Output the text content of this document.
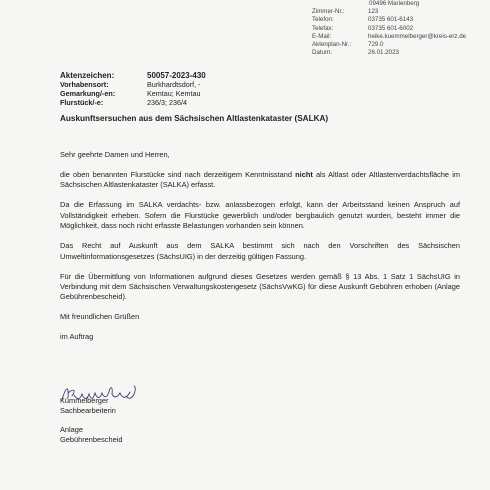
09496 Marienberg
Zimmer-Nr.:	123
Telefon:	03735 601-6143
Telefax:	03735 601-6002
E-Mail:	heike.kuemmelberger@kreis-erz.de
Aktenplan-Nr.:	729.0
Datum:	26.01.2023
Aktenzeichen:	50057-2023-430
Vorhabensort:	Burkhardtsdorf, -
Gemarkung/-en:	Kemtau; Kemtau
Flurstück/-e:	236/3; 236/4
Auskunftsersuchen aus dem Sächsischen Altlastenkataster (SALKA)

Sehr geehrte Damen und Herren,

die oben benannten Flurstücke sind nach derzeitigem Kenntnisstand nicht als Altlast oder Altlastenverdachtsfläche im Sächsischen Altlastenkataster (SALKA) erfasst.

Da die Erfassung im SALKA verdachts- bzw. anlassbezogen erfolgt, kann der Arbeitsstand keinen Anspruch auf Vollständigkeit erheben. Sofern die Flurstücke gewerblich und/oder bergbaulich genutzt wurden, besteht immer die Möglichkeit, dass noch nicht erfasste Belastungen vorhanden sein können.

Das Recht auf Auskunft aus dem SALKA bestimmt sich nach den Vorschriften des Sächsischen Umweltinformationsgesetzes (SächsUIG) in der derzeitig gültigen Fassung.

Für die Übermittlung von Informationen aufgrund dieses Gesetzes werden gemäß § 13 Abs. 1 Satz 1 SächsUIG in Verbindung mit dem Sächsischen Verwaltungskostengesetz (SächsVwKG) für diese Auskunft Gebühren erhoben (Anlage Gebührenbescheid).

Mit freundlichen Grüßen

im Auftrag

Kümmelberger
Sachbearbeiterin
Anlage
Gebührenbescheid
